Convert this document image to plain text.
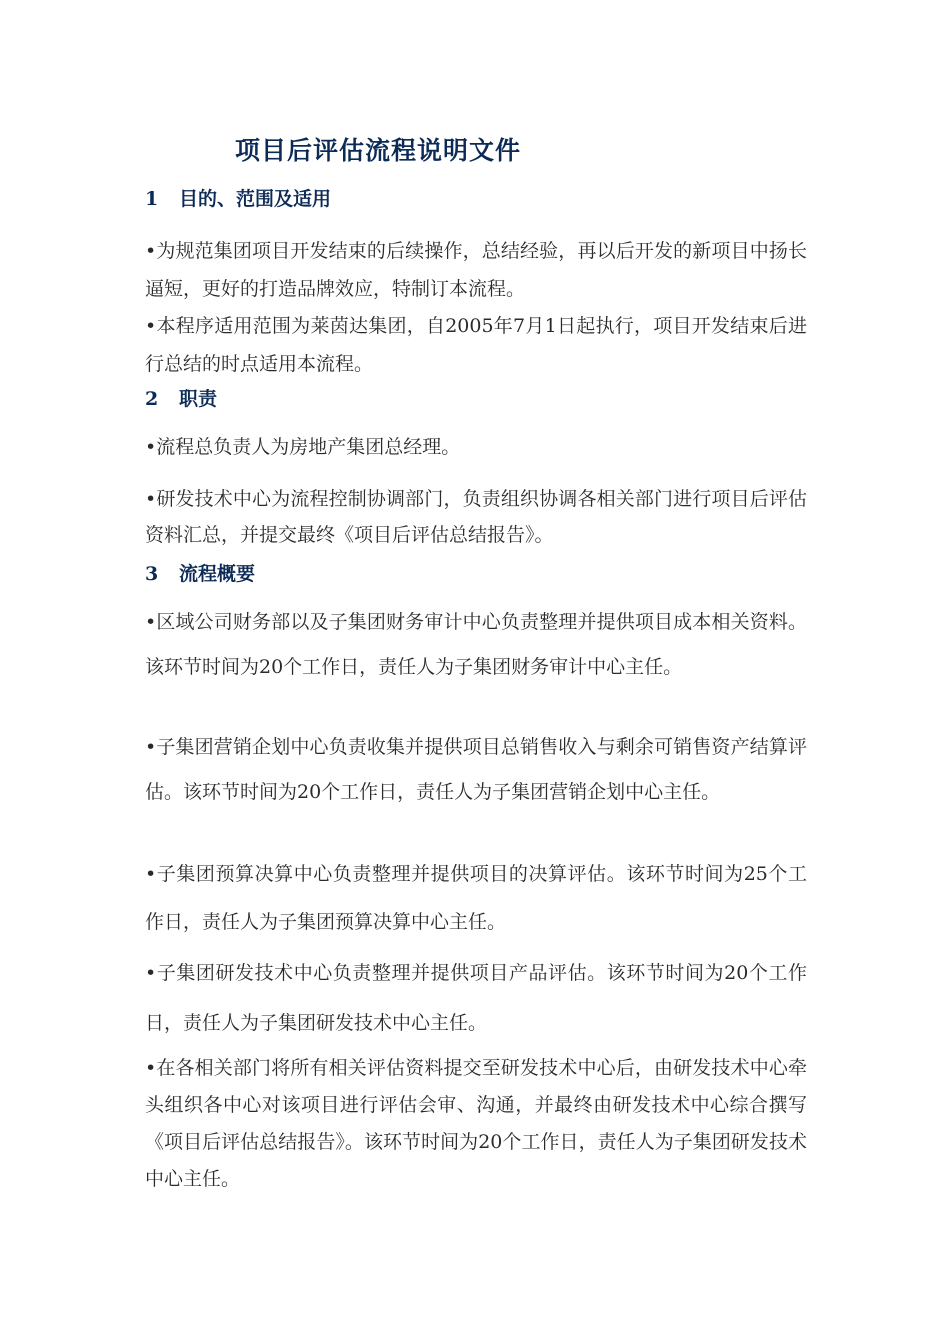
项目后评估流程说明文件
1 目的、范围及适用
•为规范集团项目开发结束的后续操作，总结经验，再以后开发的新项目中扬长逼短，更好的打造品牌效应，特制订本流程。
•本程序适用范围为莱茵达集团，自2005年7月1日起执行，项目开发结束后进行总结的时点适用本流程。
2 职责
•流程总负责人为房地产集团总经理。
•研发技术中心为流程控制协调部门，负责组织协调各相关部门进行项目后评估资料汇总，并提交最终《项目后评估总结报告》。
3 流程概要
•区域公司财务部以及子集团财务审计中心负责整理并提供项目成本相关资料。该环节时间为20个工作日，责任人为子集团财务审计中心主任。
•子集团营销企划中心负责收集并提供项目总销售收入与剩余可销售资产结算评估。该环节时间为20个工作日，责任人为子集团营销企划中心主任。
•子集团预算决算中心负责整理并提供项目的决算评估。该环节时间为25个工作日，责任人为子集团预算决算中心主任。
•子集团研发技术中心负责整理并提供项目产品评估。该环节时间为20个工作日，责任人为子集团研发技术中心主任。
•在各相关部门将所有相关评估资料提交至研发技术中心后，由研发技术中心牵头组织各中心对该项目进行评估会审、沟通，并最终由研发技术中心综合撰写《项目后评估总结报告》。该环节时间为20个工作日，责任人为子集团研发技术中心主任。
